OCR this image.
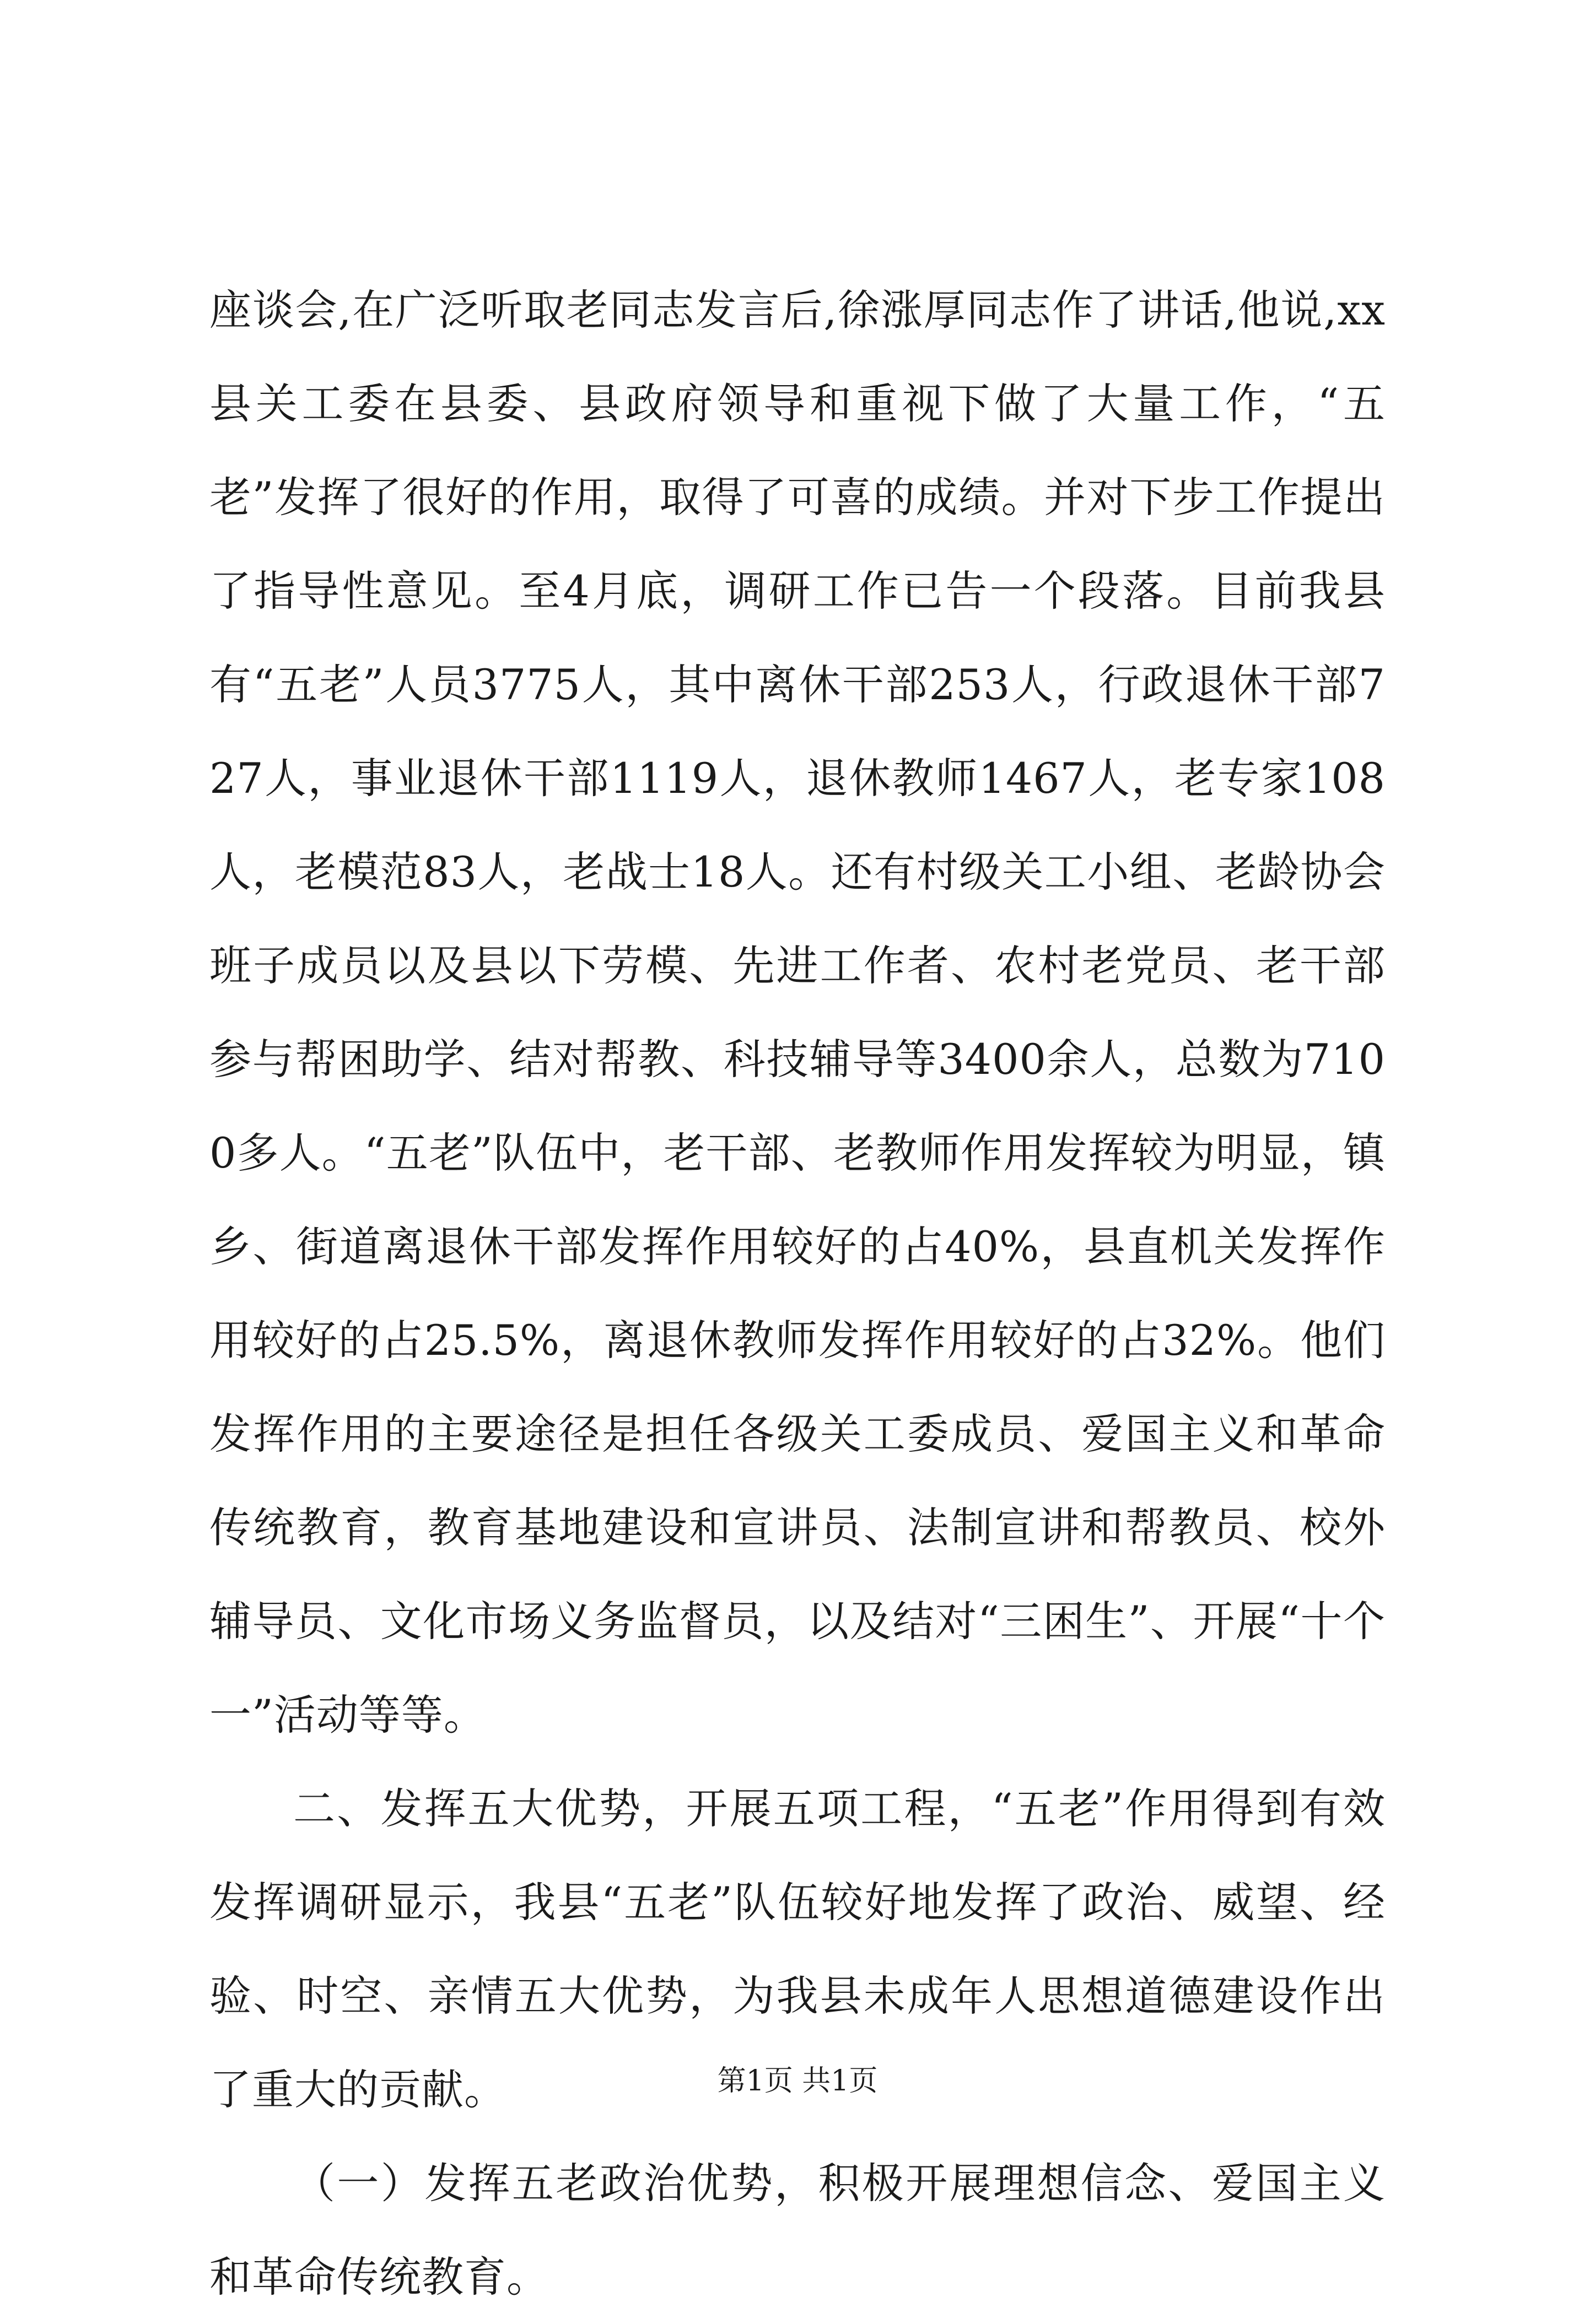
座谈会,在广泛听取老同志发言后,徐涨厚同志作了讲话,他说,xx县关工委在县委、县政府领导和重视下做了大量工作，“五老”发挥了很好的作用，取得了可喜的成绩。并对下步工作提出了指导性意见。至4月底，调研工作已告一个段落。目前我县有“五老”人员3775人，其中离休干部253人，行政退休干部727人，事业退休干部1119人，退休教师1467人，老专家108人，老模范83人，老战士18人。还有村级关工小组、老龄协会班子成员以及县以下劳模、先进工作者、农村老党员、老干部参与帮困助学、结对帮教、科技辅导等3400余人，总数为7100多人。“五老”队伍中，老干部、老教师作用发挥较为明显，镇乡、街道离退休干部发挥作用较好的占40%，县直机关发挥作用较好的占25.5%，离退休教师发挥作用较好的占32%。他们发挥作用的主要途径是担任各级关工委成员、爱国主义和革命传统教育，教育基地建设和宣讲员、法制宣讲和帮教员、校外辅导员、文化市场义务监督员，以及结对“三困生”、开展“十个一”活动等等。

二、发挥五大优势，开展五项工程，“五老”作用得到有效发挥调研显示，我县“五老”队伍较好地发挥了政治、威望、经验、时空、亲情五大优势，为我县未成年人思想道德建设作出了重大的贡献。

（一）发挥五老政治优势，积极开展理想信念、爱国主义和革命传统教育。

第1页 共1页
